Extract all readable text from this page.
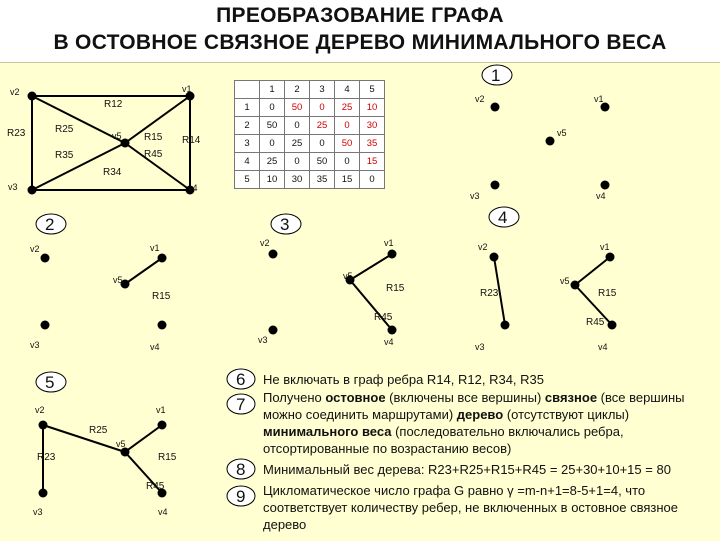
ПРЕОБРАЗОВАНИЕ ГРАФА
В ОСТОВНОЕ СВЯЗНОЕ ДЕРЕВО МИНИМАЛЬНОГО ВЕСА
v2	v1
v5
v3	v4
R12
R23	R25
R15 R14
R35	R45
R34
v2	v1
v5
v3	v4
v2	v1
v5
R15
v3	v4
v2	v1
v5
R15
R45
v3	v4
v2	v1
v5
R23	R15
R45
v3	v4
v2	v1
R25
v5
R23	R15
R45
v3	v4
1
2	3	4
5	6
7
8
9
	1	2	3	4	5
1	0	50	0	25	10
2	50	0	25	0	30
3	0	25	0	50	35
4	25	0	50	0	15
5	10	30	35	15	0
Не включать в граф ребра R14, R12, R34, R35
Получено остовное (включены все вершины) связное (все вершины можно соединить маршрутами) дерево (отсутствуют циклы) минимального веса (последовательно включались ребра, отсортированные по возрастанию весов)
Минимальный вес дерева: R23+R25+R15+R45 = 25+30+10+15 = 80
Цикломатическое число графа G равно γ =m-n+1=8-5+1=4, что соответствует количеству ребер, не включенных в остовное связное дерево
